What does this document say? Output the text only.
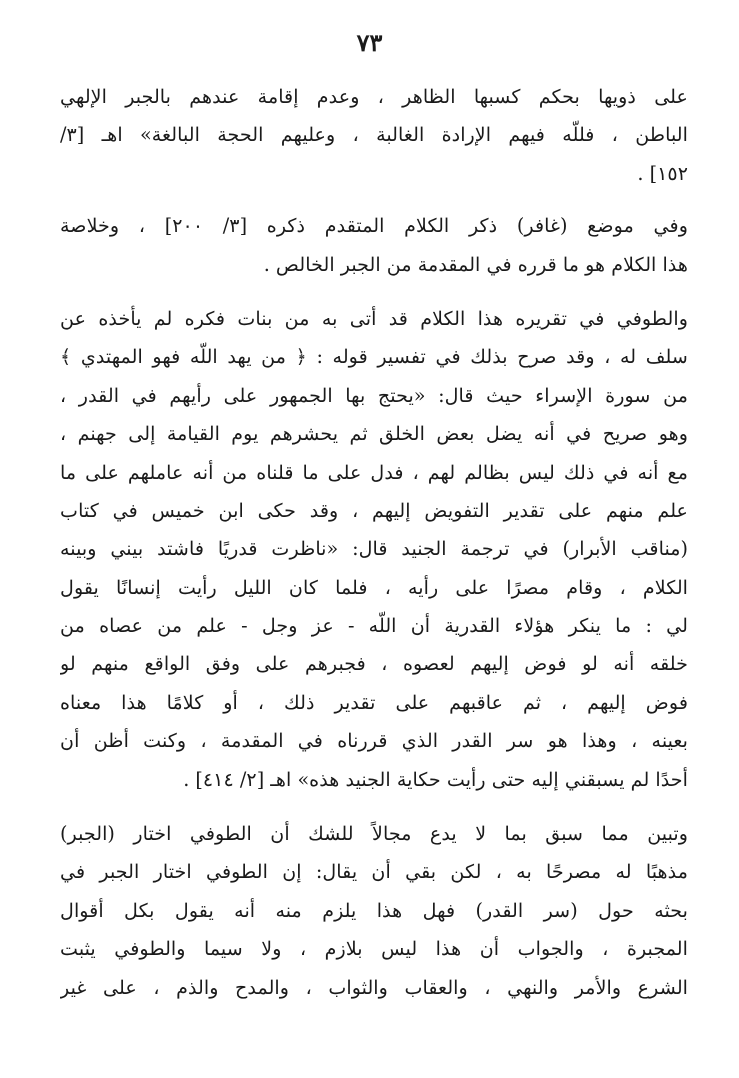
٧٣
على ذويها بحكم كسبها الظاهر ، وعدم إقامة عندهم بالجبر الإلهي
الباطن ، فللّه فيهم الإرادة الغالبة ، وعليهم الحجة البالغة» اهـ [٣/
١٥٢] .
وفي موضع (غافر) ذكر الكلام المتقدم ذكره [٣/ ٢٠٠] ، وخلاصة
هذا الكلام هو ما قرره في المقدمة من الجبر الخالص .
والطوفي في تقريره هذا الكلام قد أتى به من بنات فكره لم يأخذه عن
سلف له ، وقد صرح بذلك في تفسير قوله : ﴿ من يهد اللّه فهو المهتدي ﴾
من سورة الإسراء حيث قال: «يحتج بها الجمهور على رأيهم في القدر ،
وهو صريح في أنه يضل بعض الخلق ثم يحشرهم يوم القيامة إلى جهنم ،
مع أنه في ذلك ليس بظالم لهم ، فدل على ما قلناه من أنه عاملهم على ما
علم منهم على تقدير التفويض إليهم ، وقد حكى ابن خميس في كتاب
(مناقب الأبرار) في ترجمة الجنيد قال: «ناظرت قدريًا فاشتد بيني وبينه
الكلام ، وقام مصرًا على رأيه ، فلما كان الليل رأيت إنسانًا يقول
لي : ما ينكر هؤلاء القدرية أن اللّه - عز وجل - علم من عصاه من
خلقه أنه لو فوض إليهم لعصوه ، فجبرهم على وفق الواقع منهم لو
فوض إليهم ، ثم عاقبهم على تقدير ذلك ، أو كلامًا هذا معناه
بعينه ، وهذا هو سر القدر الذي قررناه في المقدمة ، وكنت أظن أن
أحدًا لم يسبقني إليه حتى رأيت حكاية الجنيد هذه» اهـ [٢/ ٤١٤] .
وتبين مما سبق بما لا يدع مجالاً للشك أن الطوفي اختار (الجبر)
مذهبًا له مصرحًا به ، لكن بقي أن يقال: إن الطوفي اختار الجبر في
بحثه حول (سر القدر) فهل هذا يلزم منه أنه يقول بكل أقوال
المجبرة ، والجواب أن هذا ليس بلازم ، ولا سيما والطوفي يثبت
الشرع والأمر والنهي ، والعقاب والثواب ، والمدح والذم ، على غير
